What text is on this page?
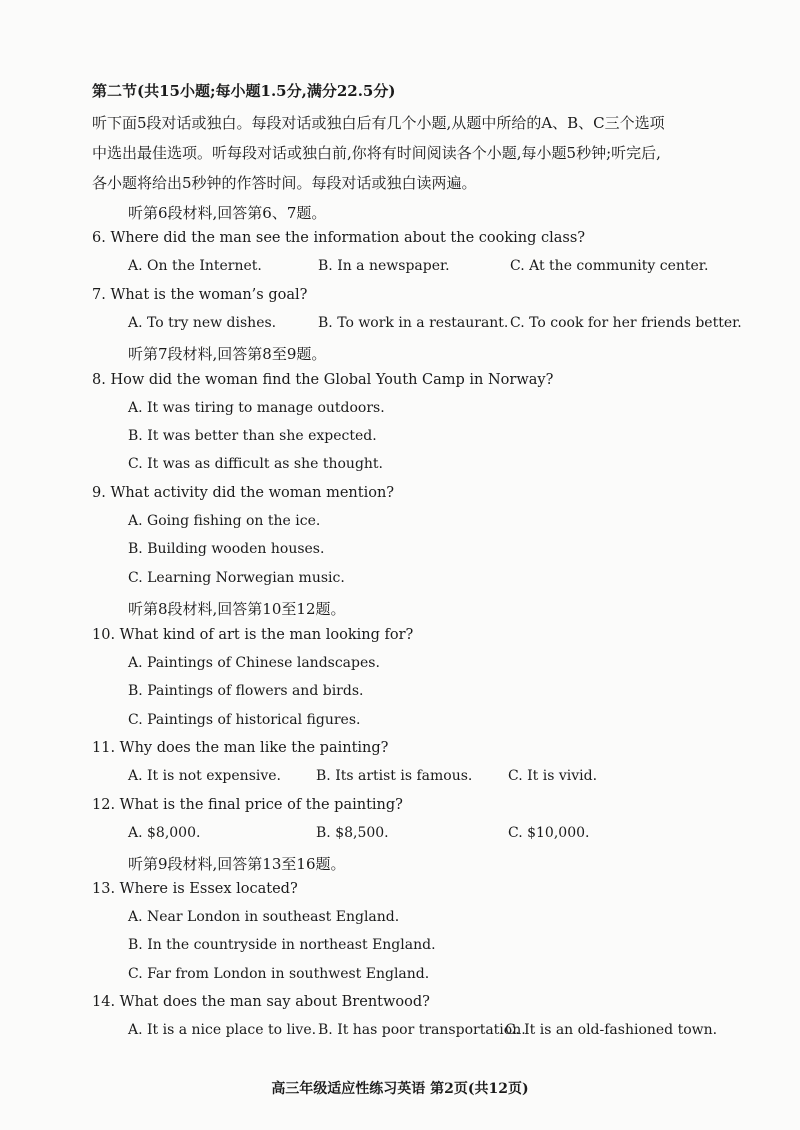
第二节(共15小题;每小题1.5分,满分22.5分)
听下面5段对话或独白。每段对话或独白后有几个小题,从题中所给的A、B、C三个选项
中选出最佳选项。听每段对话或独白前,你将有时间阅读各个小题,每小题5秒钟;听完后,
各小题将给出5秒钟的作答时间。每段对话或独白读两遍。
听第6段材料,回答第6、7题。
6. Where did the man see the information about the cooking class?
A. On the Internet.	B. In a newspaper.	C. At the community center.
7. What is the woman’s goal?
A. To try new dishes.	B. To work in a restaurant. C. To cook for her friends better.
听第7段材料,回答第8至9题。
8. How did the woman find the Global Youth Camp in Norway?
A. It was tiring to manage outdoors.
B. It was better than she expected.
C. It was as difficult as she thought.
9. What activity did the woman mention?
A. Going fishing on the ice.
B. Building wooden houses.
C. Learning Norwegian music.
听第8段材料,回答第10至12题。
10. What kind of art is the man looking for?
A. Paintings of Chinese landscapes.
B. Paintings of flowers and birds.
C. Paintings of historical figures.
11. Why does the man like the painting?
A. It is not expensive. B. Its artist is famous.	C. It is vivid.
12. What is the final price of the painting?
A. $8,000.	B. $8,500.	C. $10,000.
听第9段材料,回答第13至16题。
13. Where is Essex located?
A. Near London in southeast England.
B. In the countryside in northeast England.
C. Far from London in southwest England.
14. What does the man say about Brentwood?
A. It is a nice place to live. B. It has poor transportation.
C. It is an old-fashioned town.
高三年级适应性练习英语 第2页(共12页)
